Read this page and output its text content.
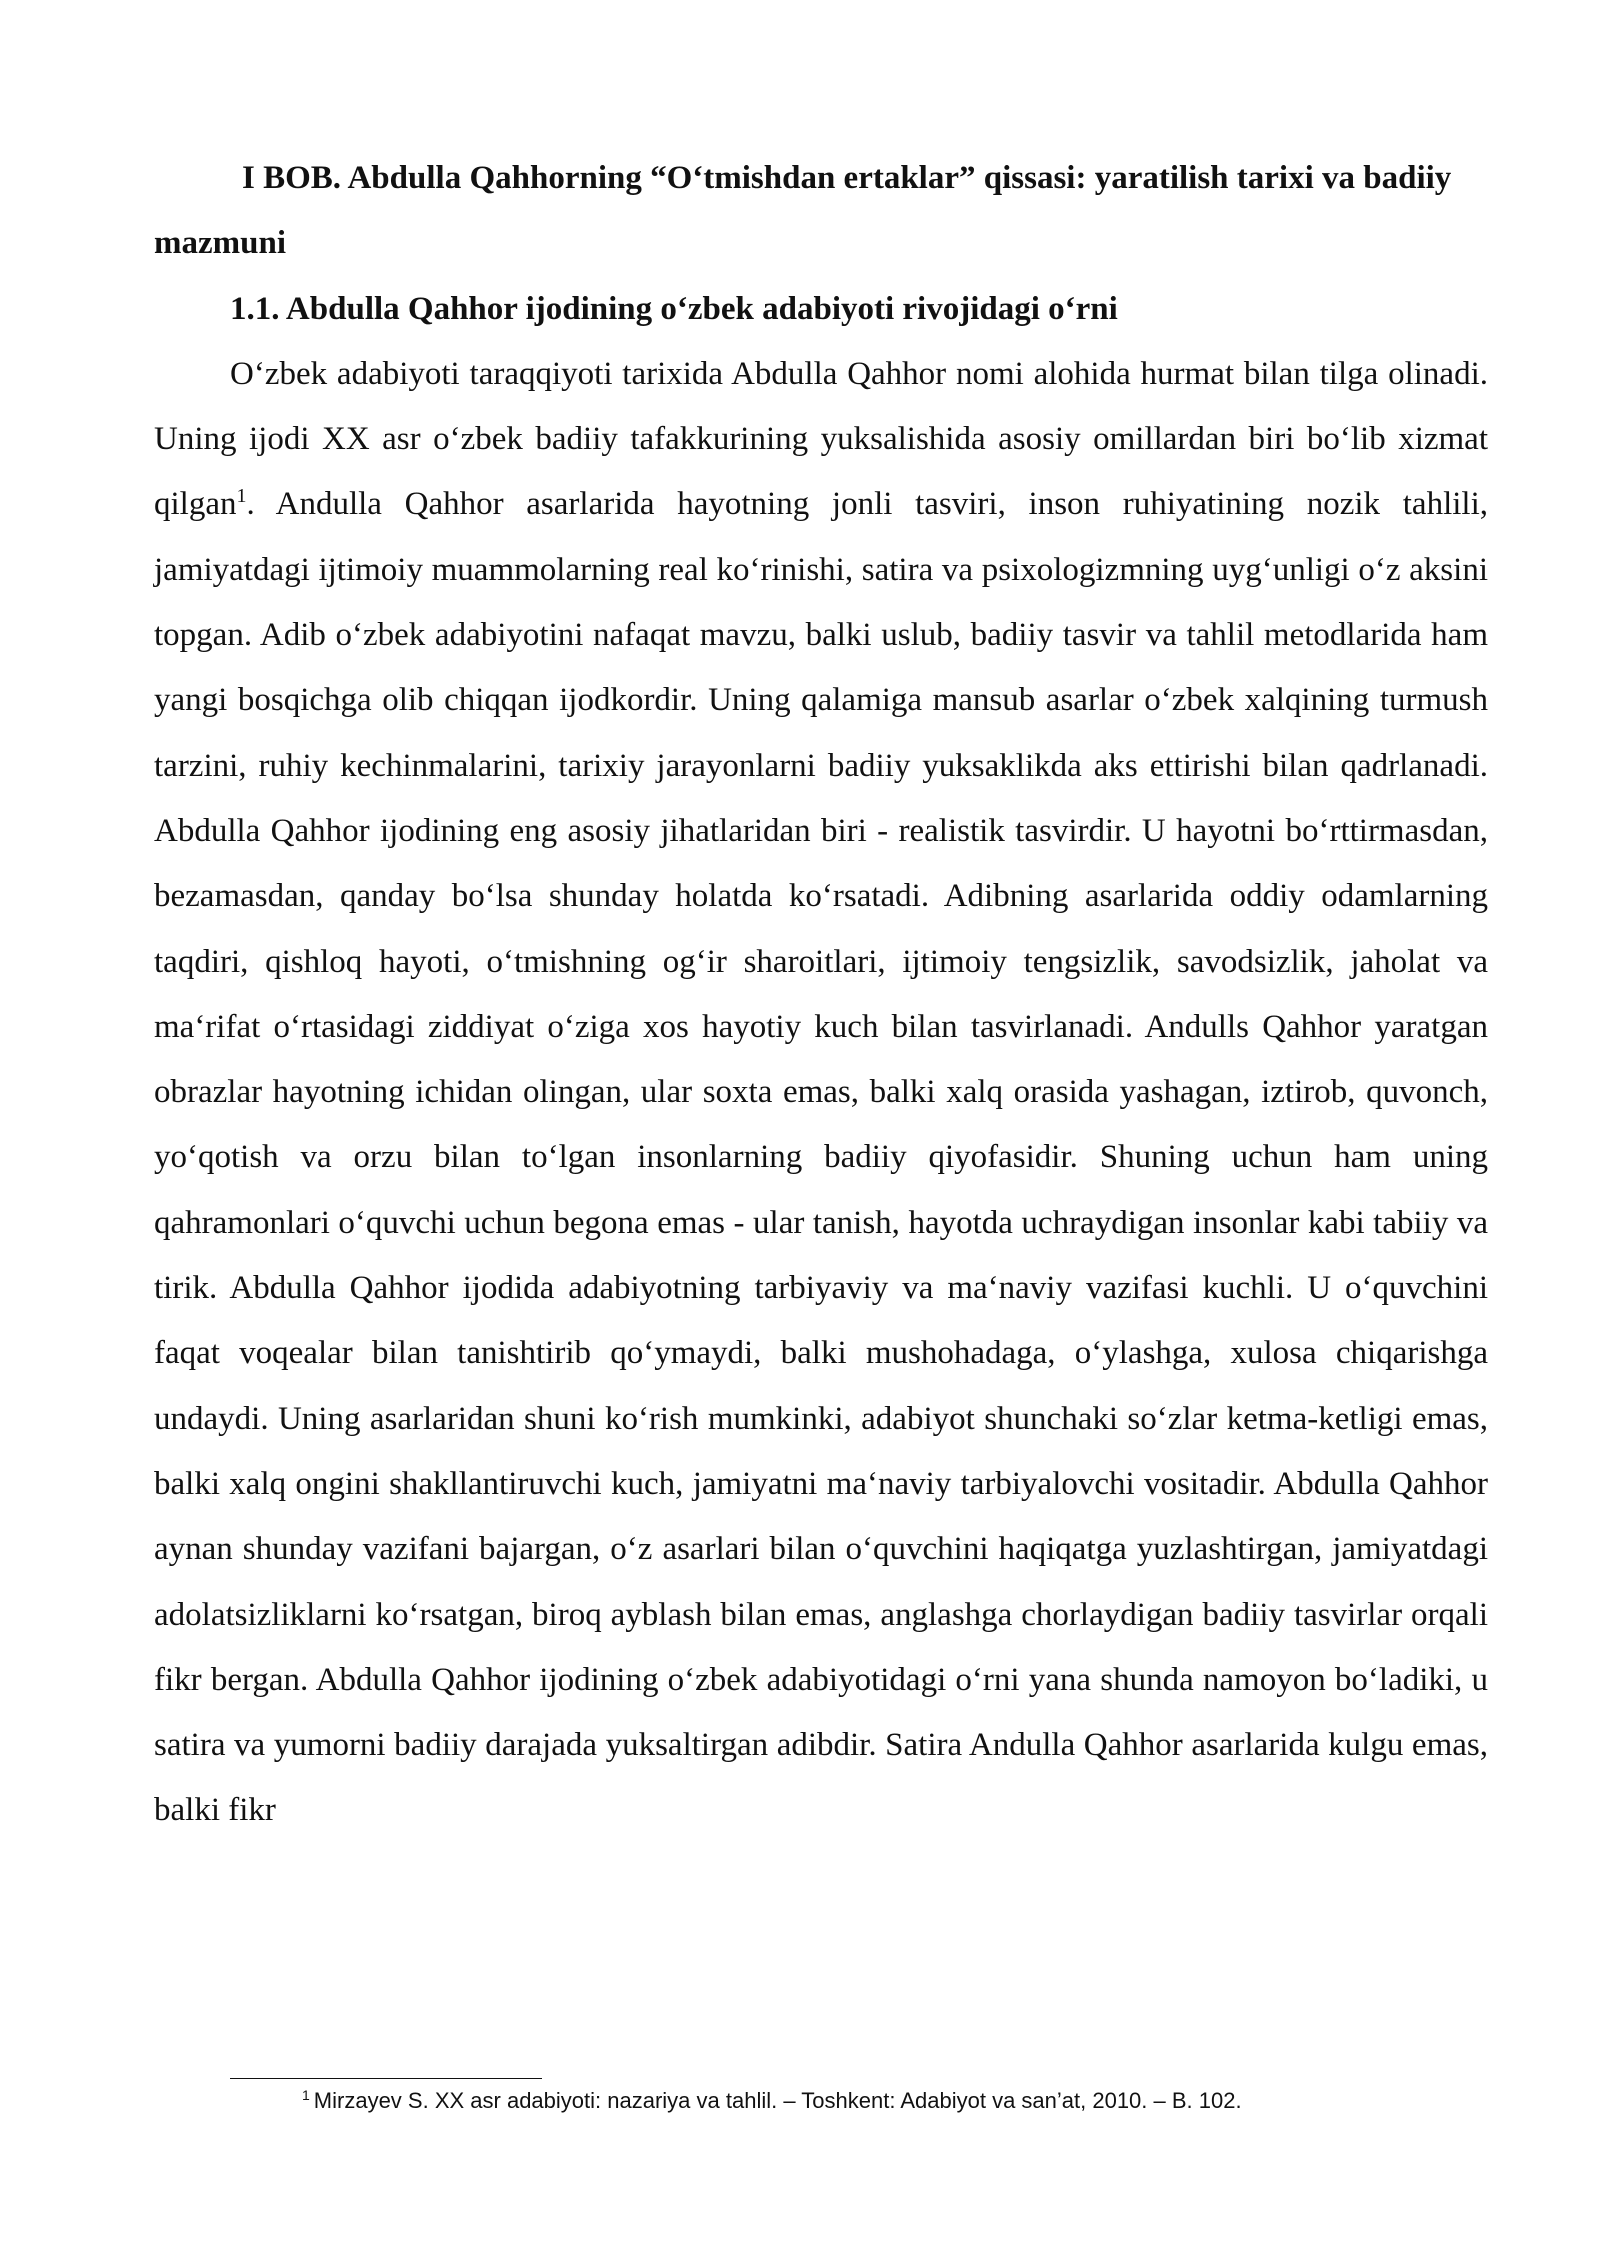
I BOB. Abdulla Qahhorning “O‘tmishdan ertaklar” qissasi: yaratilish tarixi va badiiy mazmuni
1.1. Abdulla Qahhor ijodining o‘zbek adabiyoti rivojidagi o‘rni

O‘zbek adabiyoti taraqqiyoti tarixida Abdulla Qahhor nomi alohida hurmat bilan tilga olinadi. Uning ijodi XX asr o‘zbek badiiy tafakkurining yuksalishida asosiy omillardan biri bo‘lib xizmat qilgan$^1$. Andulla Qahhor asarlarida hayotning jonli tasviri, inson ruhiyatining nozik tahlili, jamiyatdagi ijtimoiy muammolarning real ko‘rinishi, satira va psixologizmning uyg‘unligi o‘z aksini topgan. Adib o‘zbek adabiyotini nafaqat mavzu, balki uslub, badiiy tasvir va tahlil metodlarida ham yangi bosqichga olib chiqqan ijodkordir. Uning qalamiga mansub asarlar o‘zbek xalqining turmush tarzini, ruhiy kechinmalarini, tarixiy jarayonlarni badiiy yuksaklikda aks ettirishi bilan qadrlanadi. Abdulla Qahhor ijodining eng asosiy jihatlaridan biri - realistik tasvirdir. U hayotni bo‘rttirmasdan, bezamasdan, qanday bo‘lsa shunday holatda ko‘rsatadi. Adibning asarlarida oddiy odamlarning taqdiri, qishloq hayoti, o‘tmishning og‘ir sharoitlari, ijtimoiy tengsizlik, savodsizlik, jaholat va ma‘rifat o‘rtasidagi ziddiyat o‘ziga xos hayotiy kuch bilan tasvirlanadi. Andulls Qahhor yaratgan obrazlar hayotning ichidan olingan, ular soxta emas, balki xalq orasida yashagan, iztirob, quvonch, yo‘qotish va orzu bilan to‘lgan insonlarning badiiy qiyofasidir. Shuning uchun ham uning qahramonlari o‘quvchi uchun begona emas - ular tanish, hayotda uchraydigan insonlar kabi tabiiy va tirik. Abdulla Qahhor ijodida adabiyotning tarbiyaviy va ma‘naviy vazifasi kuchli. U o‘quvchini faqat voqealar bilan tanishtirib qo‘ymaydi, balki mushohadaga, o‘ylashga, xulosa chiqarishga undaydi. Uning asarlaridan shuni ko‘rish mumkinki, adabiyot shunchaki so‘zlar ketma-ketligi emas, balki xalq ongini shakllantiruvchi kuch, jamiyatni ma‘naviy tarbiyalovchi vositadir. Abdulla Qahhor aynan shunday vazifani bajargan, o‘z asarlari bilan o‘quvchini haqiqatga yuzlashtirgan, jamiyatdagi adolatsizliklarni ko‘rsatgan, biroq ayblash bilan emas, anglashga chorlaydigan badiiy tasvirlar orqali fikr bergan. Abdulla Qahhor ijodining o‘zbek adabiyotidagi o‘rni yana shunda namoyon bo‘ladiki, u satira va yumorni badiiy darajada yuksaltirgan adibdir. Satira Andulla Qahhor asarlarida kulgu emas, balki fikr

$^1$ Mirzayev S. XX asr adabiyoti: nazariya va tahlil. – Toshkent: Adabiyot va san’at, 2010. – B. 102.
